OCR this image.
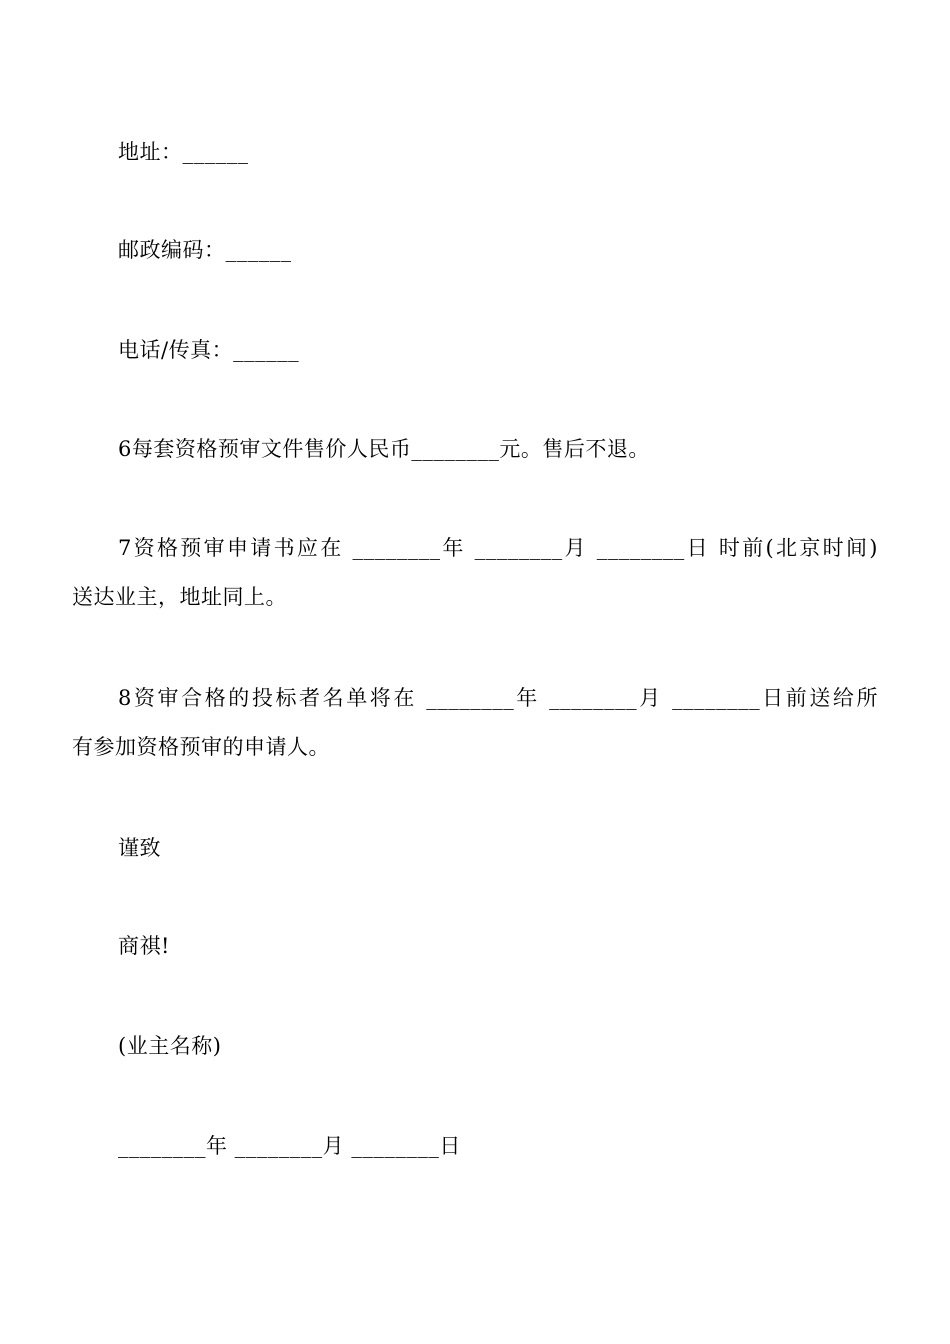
地址：______
邮政编码：______
电话/传真：______
6每套资格预审文件售价人民币________元。售后不退。
7资格预审申请书应在 ________年 ________月 ________日 时前(北京时间)
送达业主，地址同上。
8资审合格的投标者名单将在 ________年 ________月 ________日前送给所
有参加资格预审的申请人。
谨致
商祺!
(业主名称)
________年 ________月 ________日
